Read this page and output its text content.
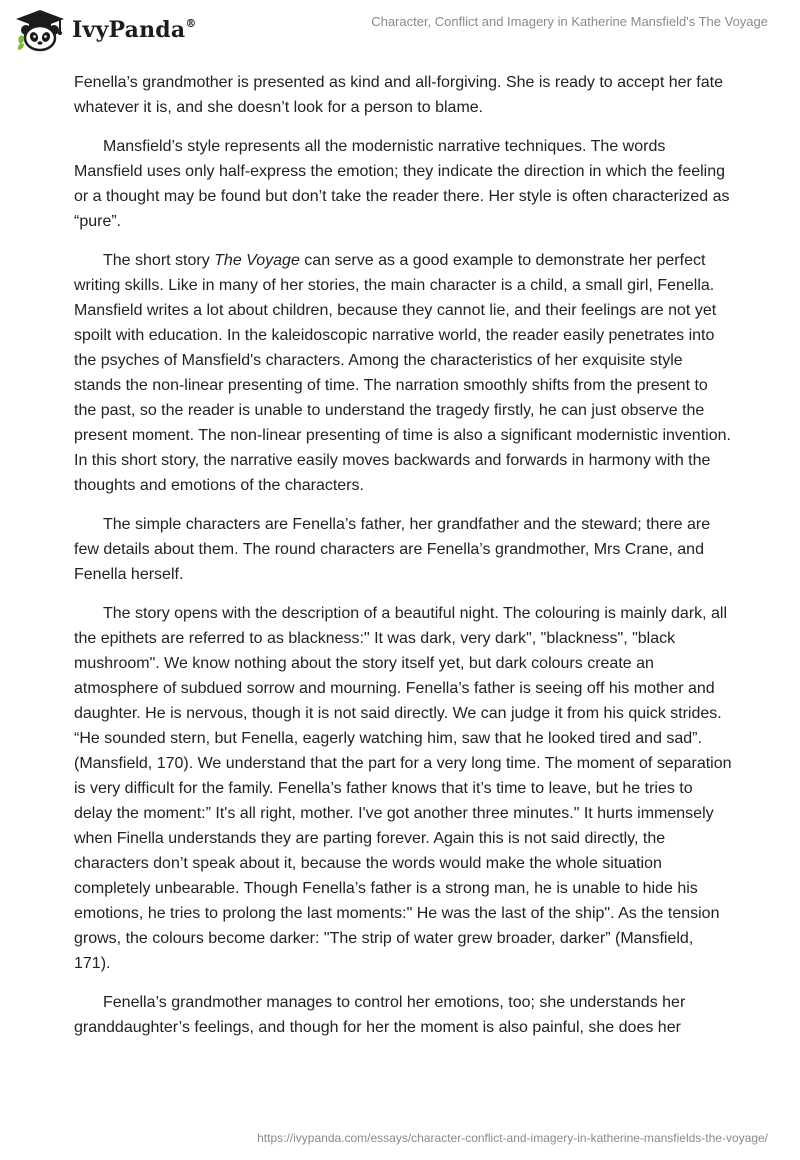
IvyPanda®	Character, Conflict and Imagery in Katherine Mansfield's The Voyage

Fenella’s grandmother is presented as kind and all-forgiving. She is ready to accept her fate whatever it is, and she doesn’t look for a person to blame.

Mansfield’s style represents all the modernistic narrative techniques. The words Mansfield uses only half-express the emotion; they indicate the direction in which the feeling or a thought may be found but don’t take the reader there. Her style is often characterized as “pure”.

The short story The Voyage can serve as a good example to demonstrate her perfect writing skills. Like in many of her stories, the main character is a child, a small girl, Fenella. Mansfield writes a lot about children, because they cannot lie, and their feelings are not yet spoilt with education. In the kaleidoscopic narrative world, the reader easily penetrates into the psyches of Mansfield's characters. Among the characteristics of her exquisite style stands the non-linear presenting of time. The narration smoothly shifts from the present to the past, so the reader is unable to understand the tragedy firstly, he can just observe the present moment. The non-linear presenting of time is also a significant modernistic invention. In this short story, the narrative easily moves backwards and forwards in harmony with the thoughts and emotions of the characters.

The simple characters are Fenella’s father, her grandfather and the steward; there are few details about them. The round characters are Fenella’s grandmother, Mrs Crane, and Fenella herself.

The story opens with the description of a beautiful night. The colouring is mainly dark, all the epithets are referred to as blackness:" It was dark, very dark", "blackness", "black mushroom". We know nothing about the story itself yet, but dark colours create an atmosphere of subdued sorrow and mourning. Fenella’s father is seeing off his mother and daughter. He is nervous, though it is not said directly. We can judge it from his quick strides. “He sounded stern, but Fenella, eagerly watching him, saw that he looked tired and sad”. (Mansfield, 170). We understand that the part for a very long time. The moment of separation is very difficult for the family. Fenella’s father knows that it’s time to leave, but he tries to delay the moment:” It's all right, mother. I've got another three minutes." It hurts immensely when Finella understands they are parting forever. Again this is not said directly, the characters don’t speak about it, because the words would make the whole situation completely unbearable. Though Fenella’s father is a strong man, he is unable to hide his emotions, he tries to prolong the last moments:" He was the last of the ship". As the tension grows, the colours become darker: "The strip of water grew broader, darker” (Mansfield, 171).

Fenella’s grandmother manages to control her emotions, too; she understands her granddaughter’s feelings, and though for her the moment is also painful, she does her

https://ivypanda.com/essays/character-conflict-and-imagery-in-katherine-mansfields-the-voyage/
